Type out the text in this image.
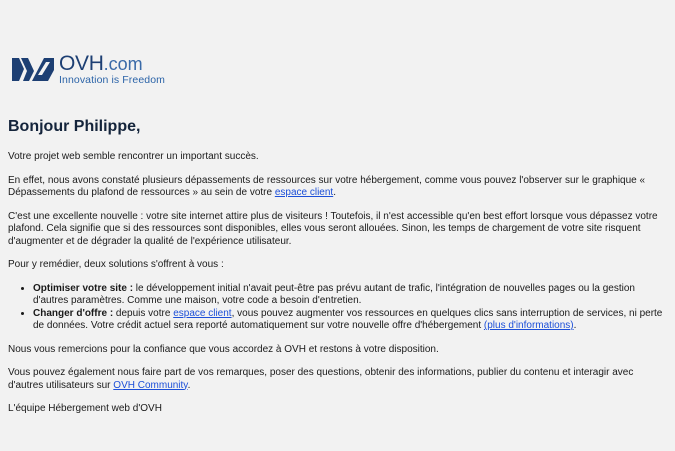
OVH .com
Innovation is Freedom
Bonjour Philippe,

Votre projet web semble rencontrer un important succès.

En effet, nous avons constaté plusieurs dépassements de ressources sur votre hébergement, comme vous pouvez l'observer sur le graphique « Dépassements du plafond de ressources » au sein de votre espace client.

C'est une excellente nouvelle : votre site internet attire plus de visiteurs ! Toutefois, il n'est accessible qu'en best effort lorsque vous dépassez votre plafond. Cela signifie que si des ressources sont disponibles, elles vous seront allouées. Sinon, les temps de chargement de votre site risquent d'augmenter et de dégrader la qualité de l'expérience utilisateur.

Pour y remédier, deux solutions s'offrent à vous :

• Optimiser votre site : le développement initial n'avait peut-être pas prévu autant de trafic, l'intégration de nouvelles pages ou la gestion d'autres paramètres. Comme une maison, votre code a besoin d'entretien.
• Changer d'offre : depuis votre espace client, vous pouvez augmenter vos ressources en quelques clics sans interruption de services, ni perte de données. Votre crédit actuel sera reporté automatiquement sur votre nouvelle offre d'hébergement (plus d'informations).

Nous vous remercions pour la confiance que vous accordez à OVH et restons à votre disposition.

Vous pouvez également nous faire part de vos remarques, poser des questions, obtenir des informations, publier du contenu et interagir avec d'autres utilisateurs sur OVH Community.

L'équipe Hébergement web d'OVH
